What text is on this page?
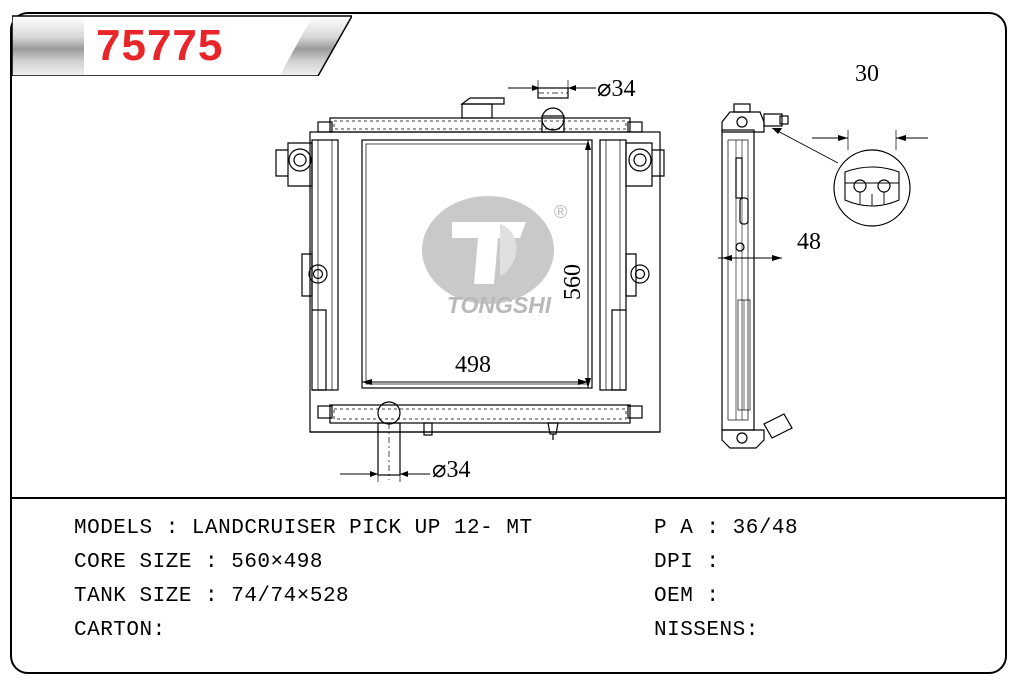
75775
®
TONGSHI
⌀34
560
498
⌀34
48
30
MODELS : LANDCRUISER PICK UP 12- MT
CORE SIZE : 560×498
TANK SIZE : 74/74×528
CARTON:
P A : 36/48
DPI :
OEM :
NISSENS:
